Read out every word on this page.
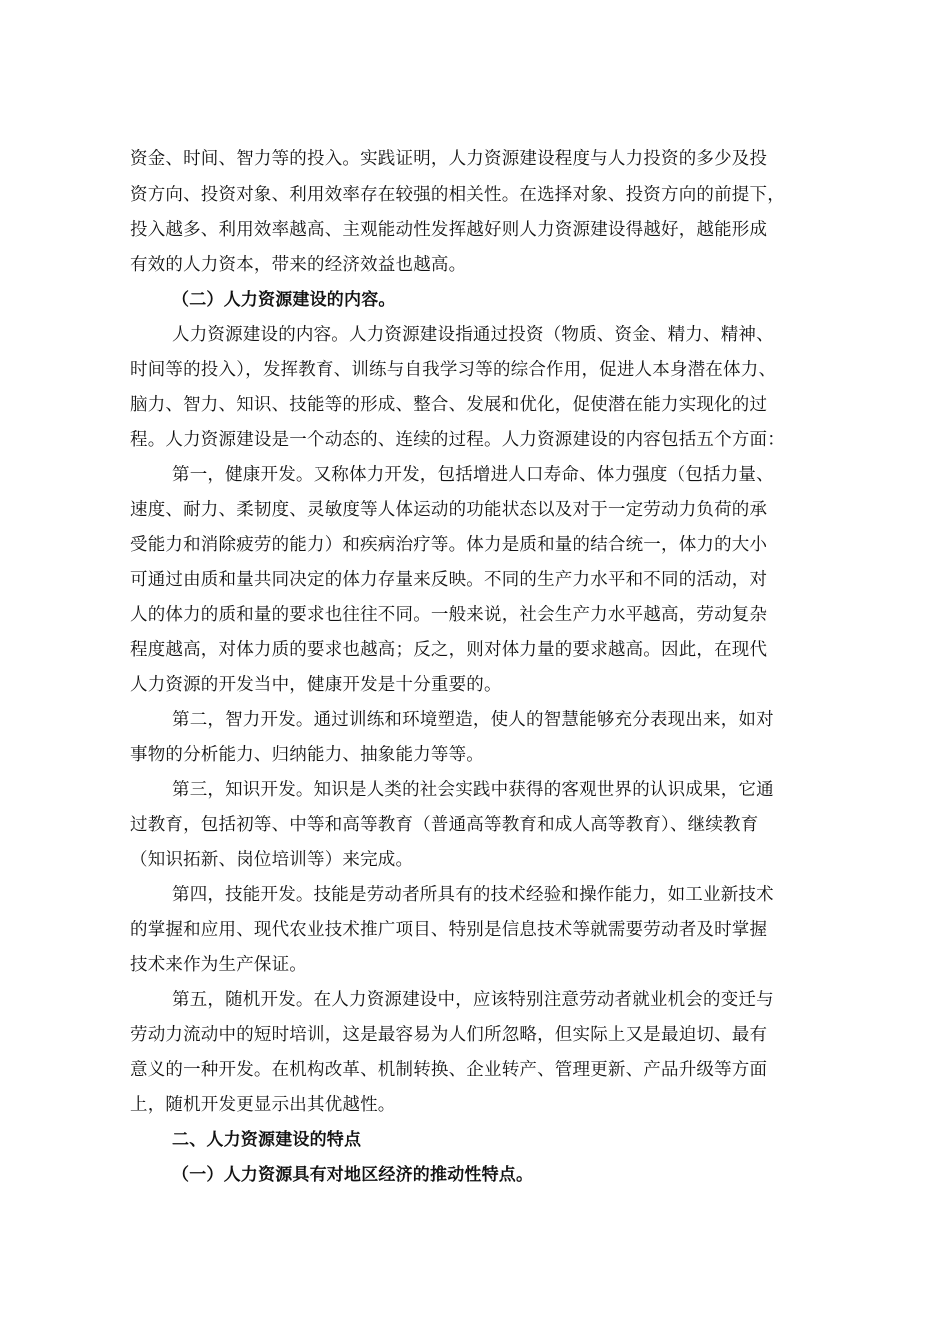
资金、时间、智力等的投入。实践证明，人力资源建设程度与人力投资的多少及投
资方向、投资对象、利用效率存在较强的相关性。在选择对象、投资方向的前提下，
投入越多、利用效率越高、主观能动性发挥越好则人力资源建设得越好，越能形成
有效的人力资本，带来的经济效益也越高。
（二）人力资源建设的内容。
人力资源建设的内容。人力资源建设指通过投资（物质、资金、精力、精神、
时间等的投入），发挥教育、训练与自我学习等的综合作用，促进人本身潜在体力、
脑力、智力、知识、技能等的形成、整合、发展和优化，促使潜在能力实现化的过
程。人力资源建设是一个动态的、连续的过程。人力资源建设的内容包括五个方面：
第一，健康开发。又称体力开发，包括增进人口寿命、体力强度（包括力量、
速度、耐力、柔韧度、灵敏度等人体运动的功能状态以及对于一定劳动力负荷的承
受能力和消除疲劳的能力）和疾病治疗等。体力是质和量的结合统一，体力的大小
可通过由质和量共同决定的体力存量来反映。不同的生产力水平和不同的活动，对
人的体力的质和量的要求也往往不同。一般来说，社会生产力水平越高，劳动复杂
程度越高，对体力质的要求也越高；反之，则对体力量的要求越高。因此，在现代
人力资源的开发当中，健康开发是十分重要的。
第二，智力开发。通过训练和环境塑造，使人的智慧能够充分表现出来，如对
事物的分析能力、归纳能力、抽象能力等等。
第三，知识开发。知识是人类的社会实践中获得的客观世界的认识成果，它通
过教育，包括初等、中等和高等教育（普通高等教育和成人高等教育）、继续教育
（知识拓新、岗位培训等）来完成。
第四，技能开发。技能是劳动者所具有的技术经验和操作能力，如工业新技术
的掌握和应用、现代农业技术推广项目、特别是信息技术等就需要劳动者及时掌握
技术来作为生产保证。
第五，随机开发。在人力资源建设中，应该特别注意劳动者就业机会的变迁与
劳动力流动中的短时培训，这是最容易为人们所忽略，但实际上又是最迫切、最有
意义的一种开发。在机构改革、机制转换、企业转产、管理更新、产品升级等方面
上，随机开发更显示出其优越性。
二、人力资源建设的特点
（一）人力资源具有对地区经济的推动性特点。
